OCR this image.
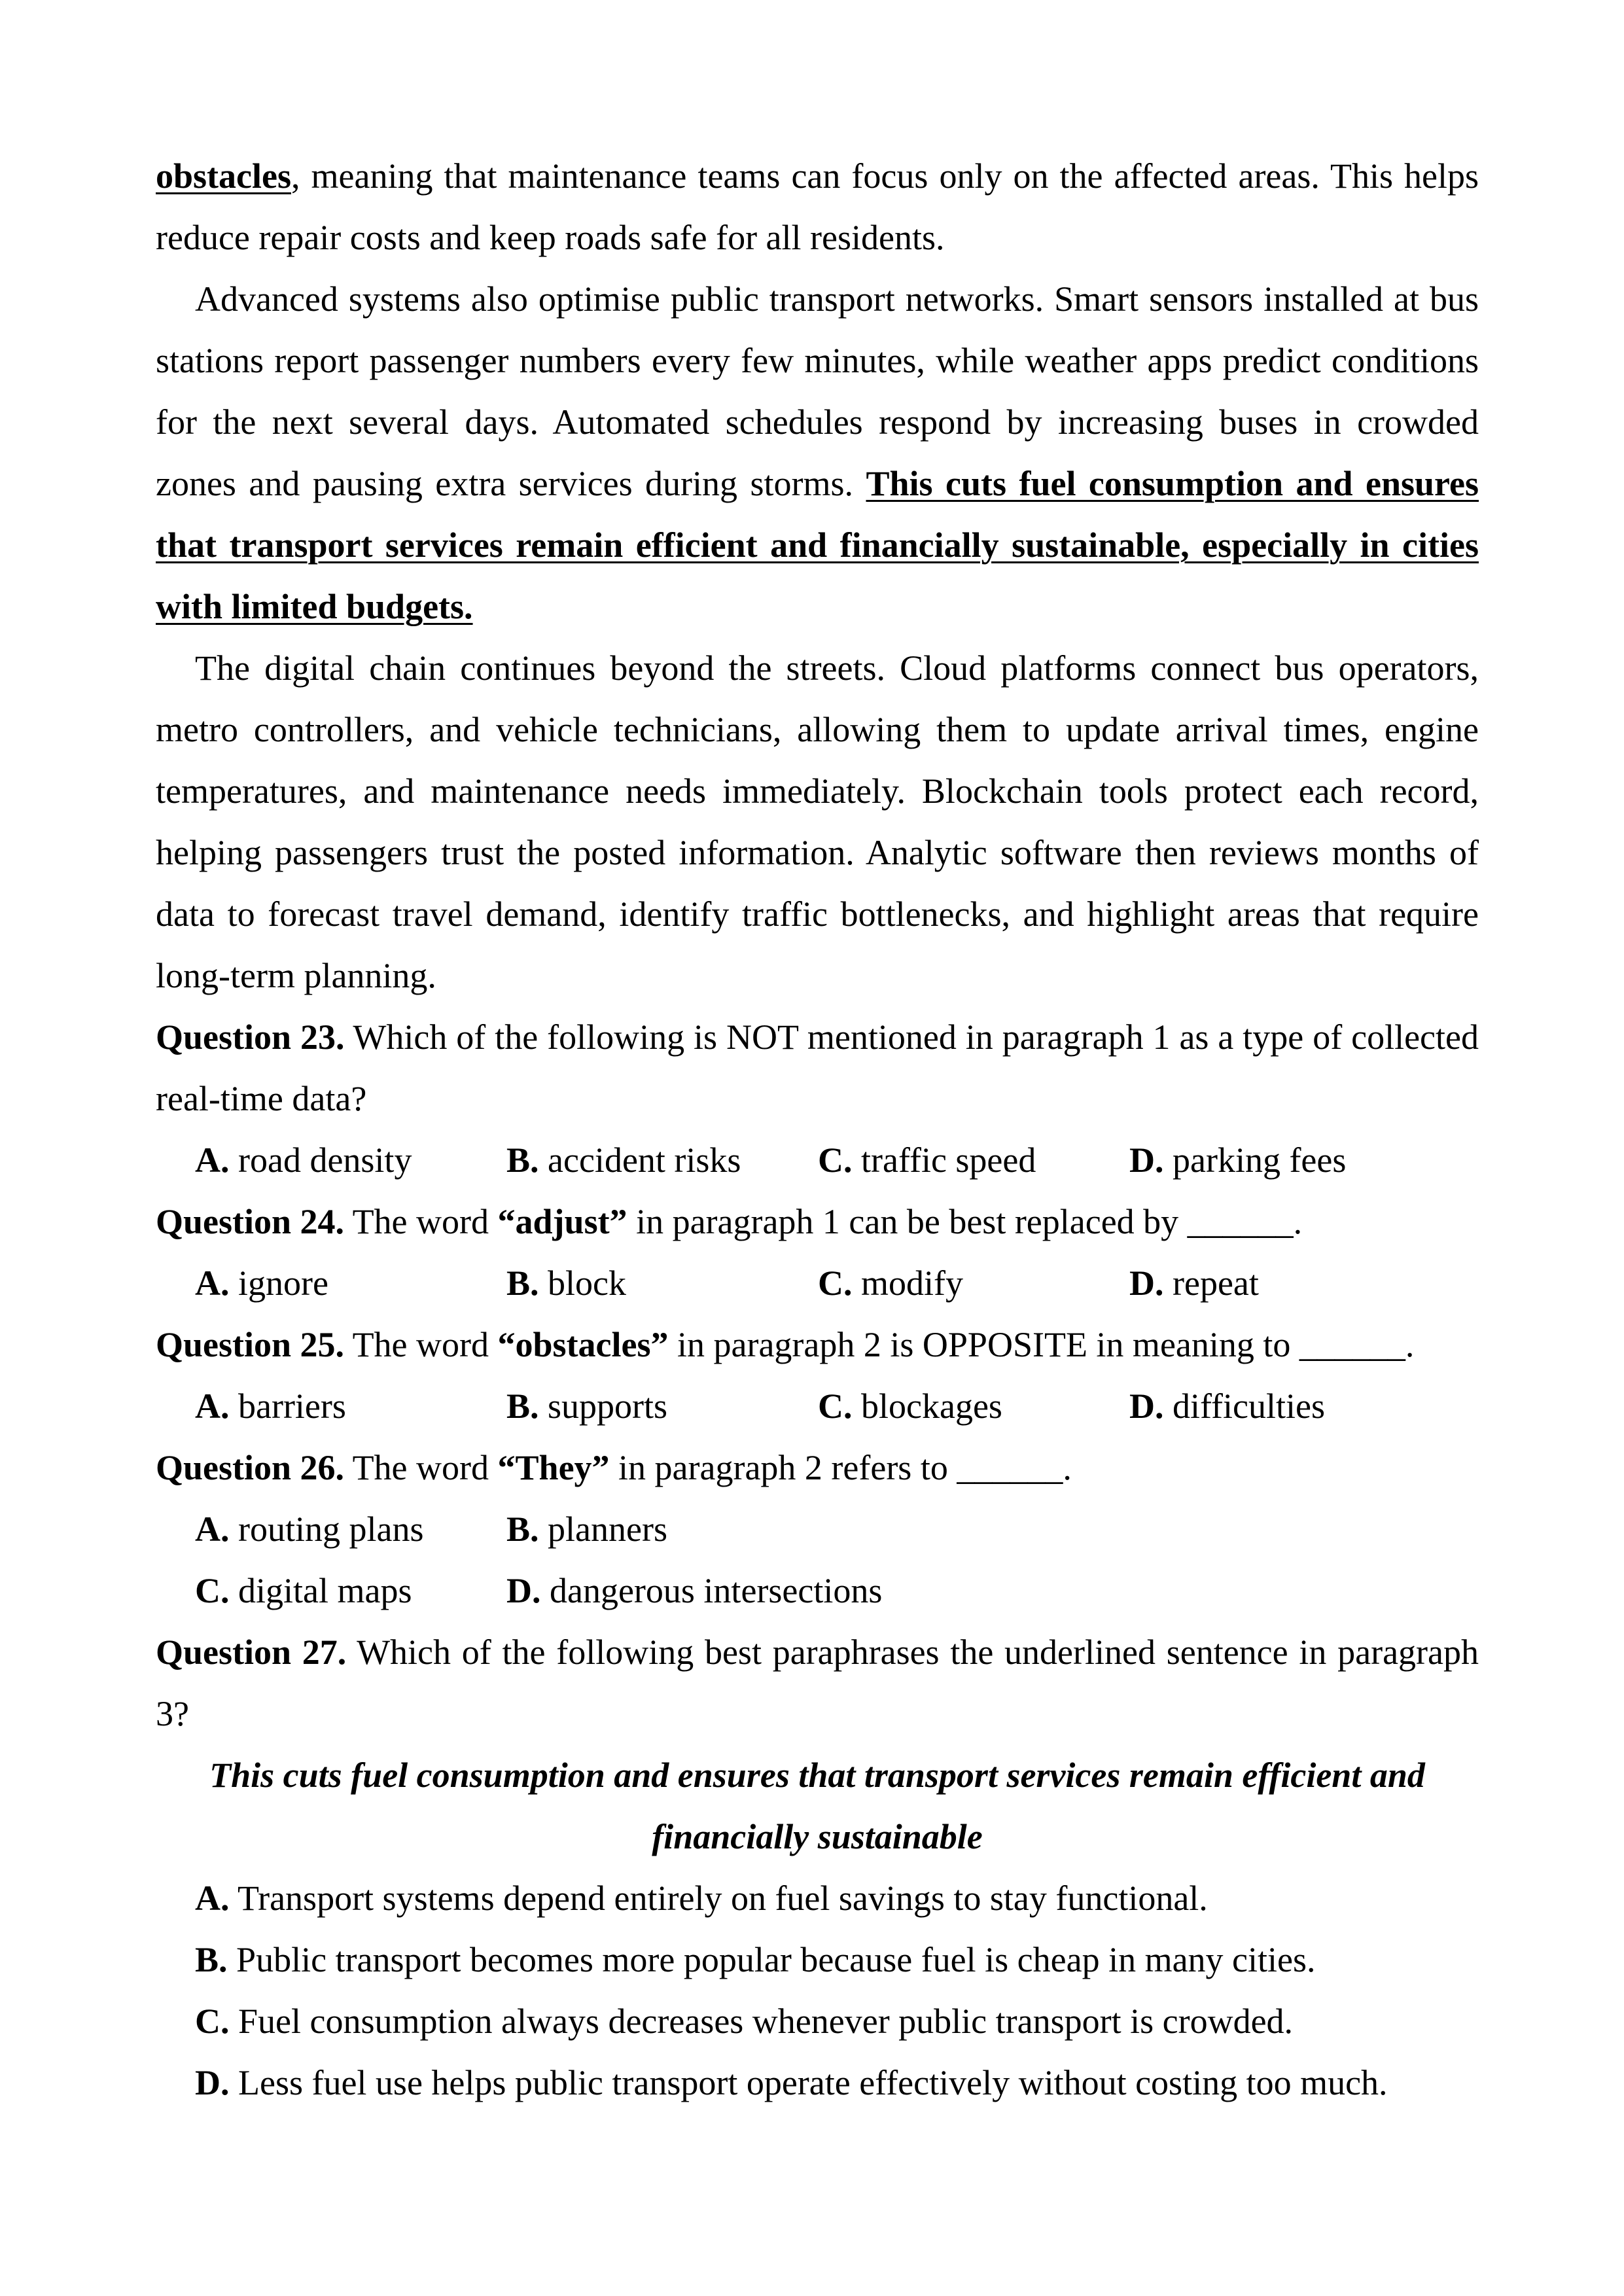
obstacles, meaning that maintenance teams can focus only on the affected areas. This helps reduce repair costs and keep roads safe for all residents.

Advanced systems also optimise public transport networks. Smart sensors installed at bus stations report passenger numbers every few minutes, while weather apps predict conditions for the next several days. Automated schedules respond by increasing buses in crowded zones and pausing extra services during storms. This cuts fuel consumption and ensures that transport services remain efficient and financially sustainable, especially in cities with limited budgets.

The digital chain continues beyond the streets. Cloud platforms connect bus operators, metro controllers, and vehicle technicians, allowing them to update arrival times, engine temperatures, and maintenance needs immediately. Blockchain tools protect each record, helping passengers trust the posted information. Analytic software then reviews months of data to forecast travel demand, identify traffic bottlenecks, and highlight areas that require long-term planning.

Question 23. Which of the following is NOT mentioned in paragraph 1 as a type of collected real-time data?

A. road density	B. accident risks	C. traffic speed	D. parking fees

Question 24. The word “adjust” in paragraph 1 can be best replaced by ______.

A. ignore	B. block	C. modify	D. repeat

Question 25. The word “obstacles” in paragraph 2 is OPPOSITE in meaning to ______.

A. barriers	B. supports	C. blockages	D. difficulties

Question 26. The word “They” in paragraph 2 refers to ______.

A. routing plans	B. planners
C. digital maps	D. dangerous intersections

Question 27. Which of the following best paraphrases the underlined sentence in paragraph 3?

This cuts fuel consumption and ensures that transport services remain efficient and financially sustainable

A. Transport systems depend entirely on fuel savings to stay functional.
B. Public transport becomes more popular because fuel is cheap in many cities.
C. Fuel consumption always decreases whenever public transport is crowded.
D. Less fuel use helps public transport operate effectively without costing too much.
